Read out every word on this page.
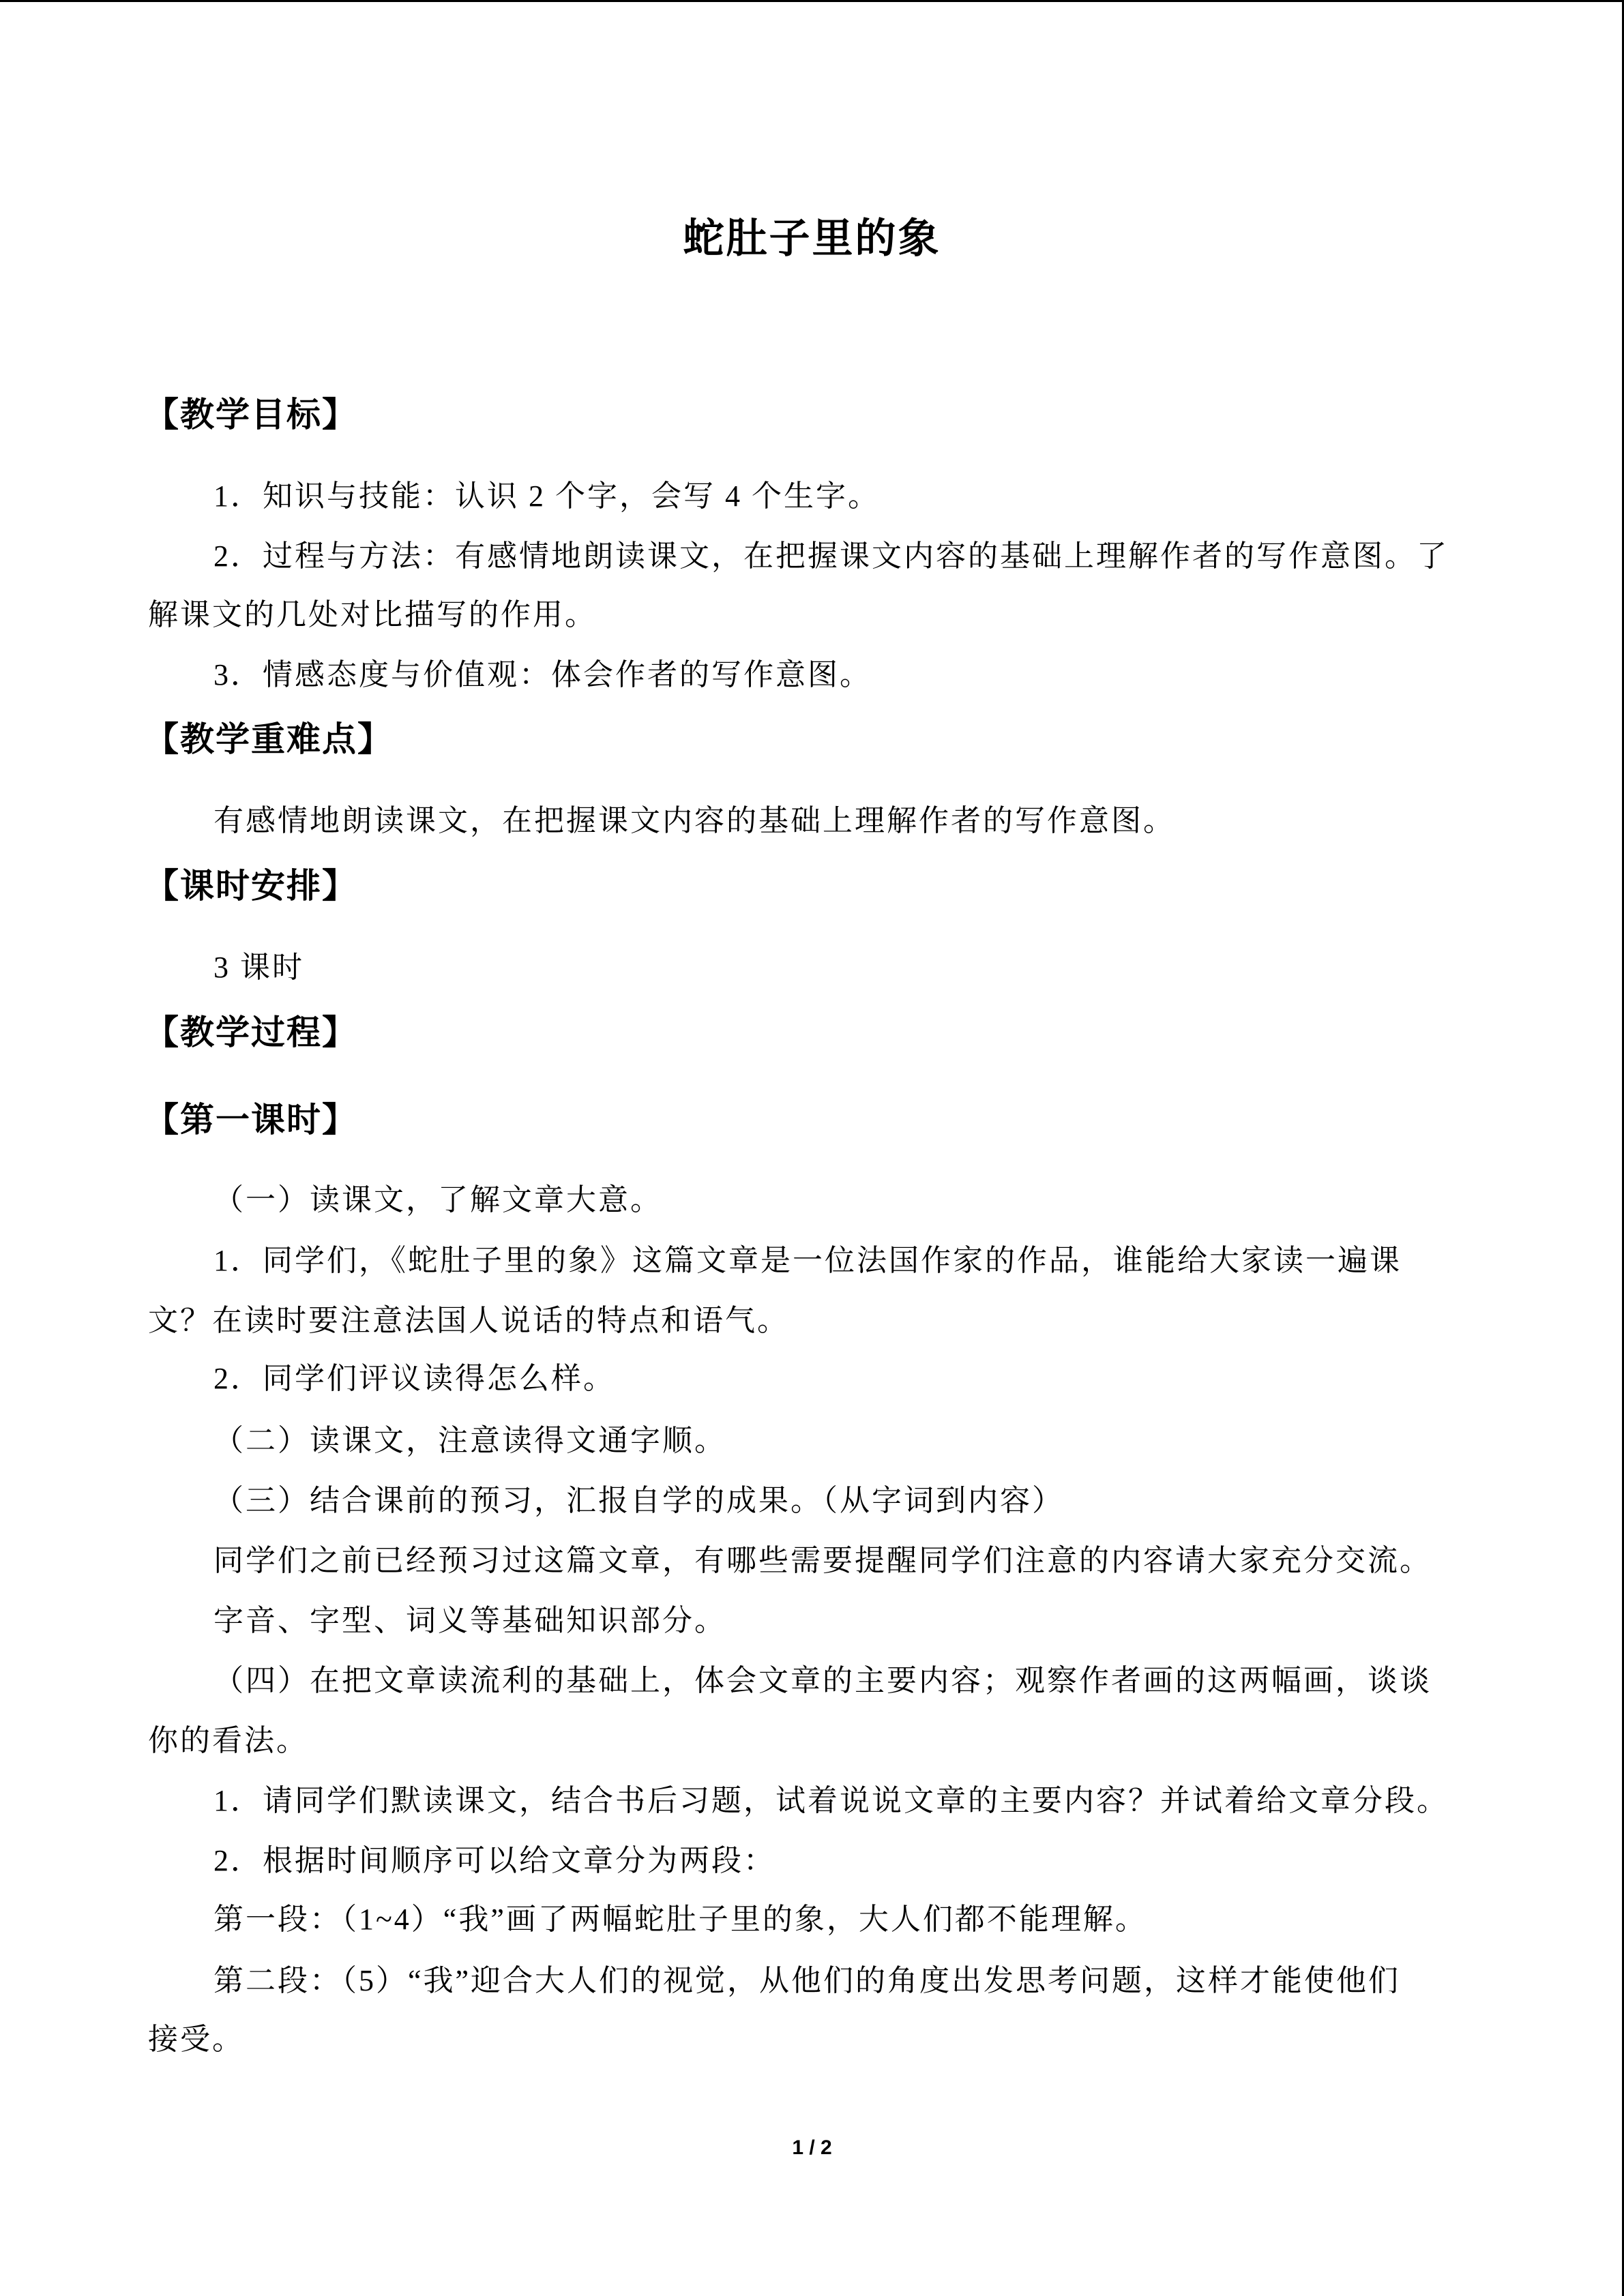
蛇肚子里的象
【教学目标】
1．知识与技能：认识 2 个字，会写 4 个生字。
2．过程与方法：有感情地朗读课文，在把握课文内容的基础上理解作者的写作意图。了
解课文的几处对比描写的作用。
3．情感态度与价值观：体会作者的写作意图。
【教学重难点】
有感情地朗读课文，在把握课文内容的基础上理解作者的写作意图。
【课时安排】
3 课时
【教学过程】
【第一课时】
（一）读课文，了解文章大意。
1．同学们，《蛇肚子里的象》这篇文章是一位法国作家的作品，谁能给大家读一遍课
文？在读时要注意法国人说话的特点和语气。
2．同学们评议读得怎么样。
（二）读课文，注意读得文通字顺。
（三）结合课前的预习，汇报自学的成果。（从字词到内容）
同学们之前已经预习过这篇文章，有哪些需要提醒同学们注意的内容请大家充分交流。
字音、字型、词义等基础知识部分。
（四）在把文章读流利的基础上，体会文章的主要内容；观察作者画的这两幅画，谈谈
你的看法。
1．请同学们默读课文，结合书后习题，试着说说文章的主要内容？并试着给文章分段。
2．根据时间顺序可以给文章分为两段：
第一段：（1~4）“我”画了两幅蛇肚子里的象，大人们都不能理解。
第二段：（5）“我”迎合大人们的视觉，从他们的角度出发思考问题，这样才能使他们
接受。
1 / 2
